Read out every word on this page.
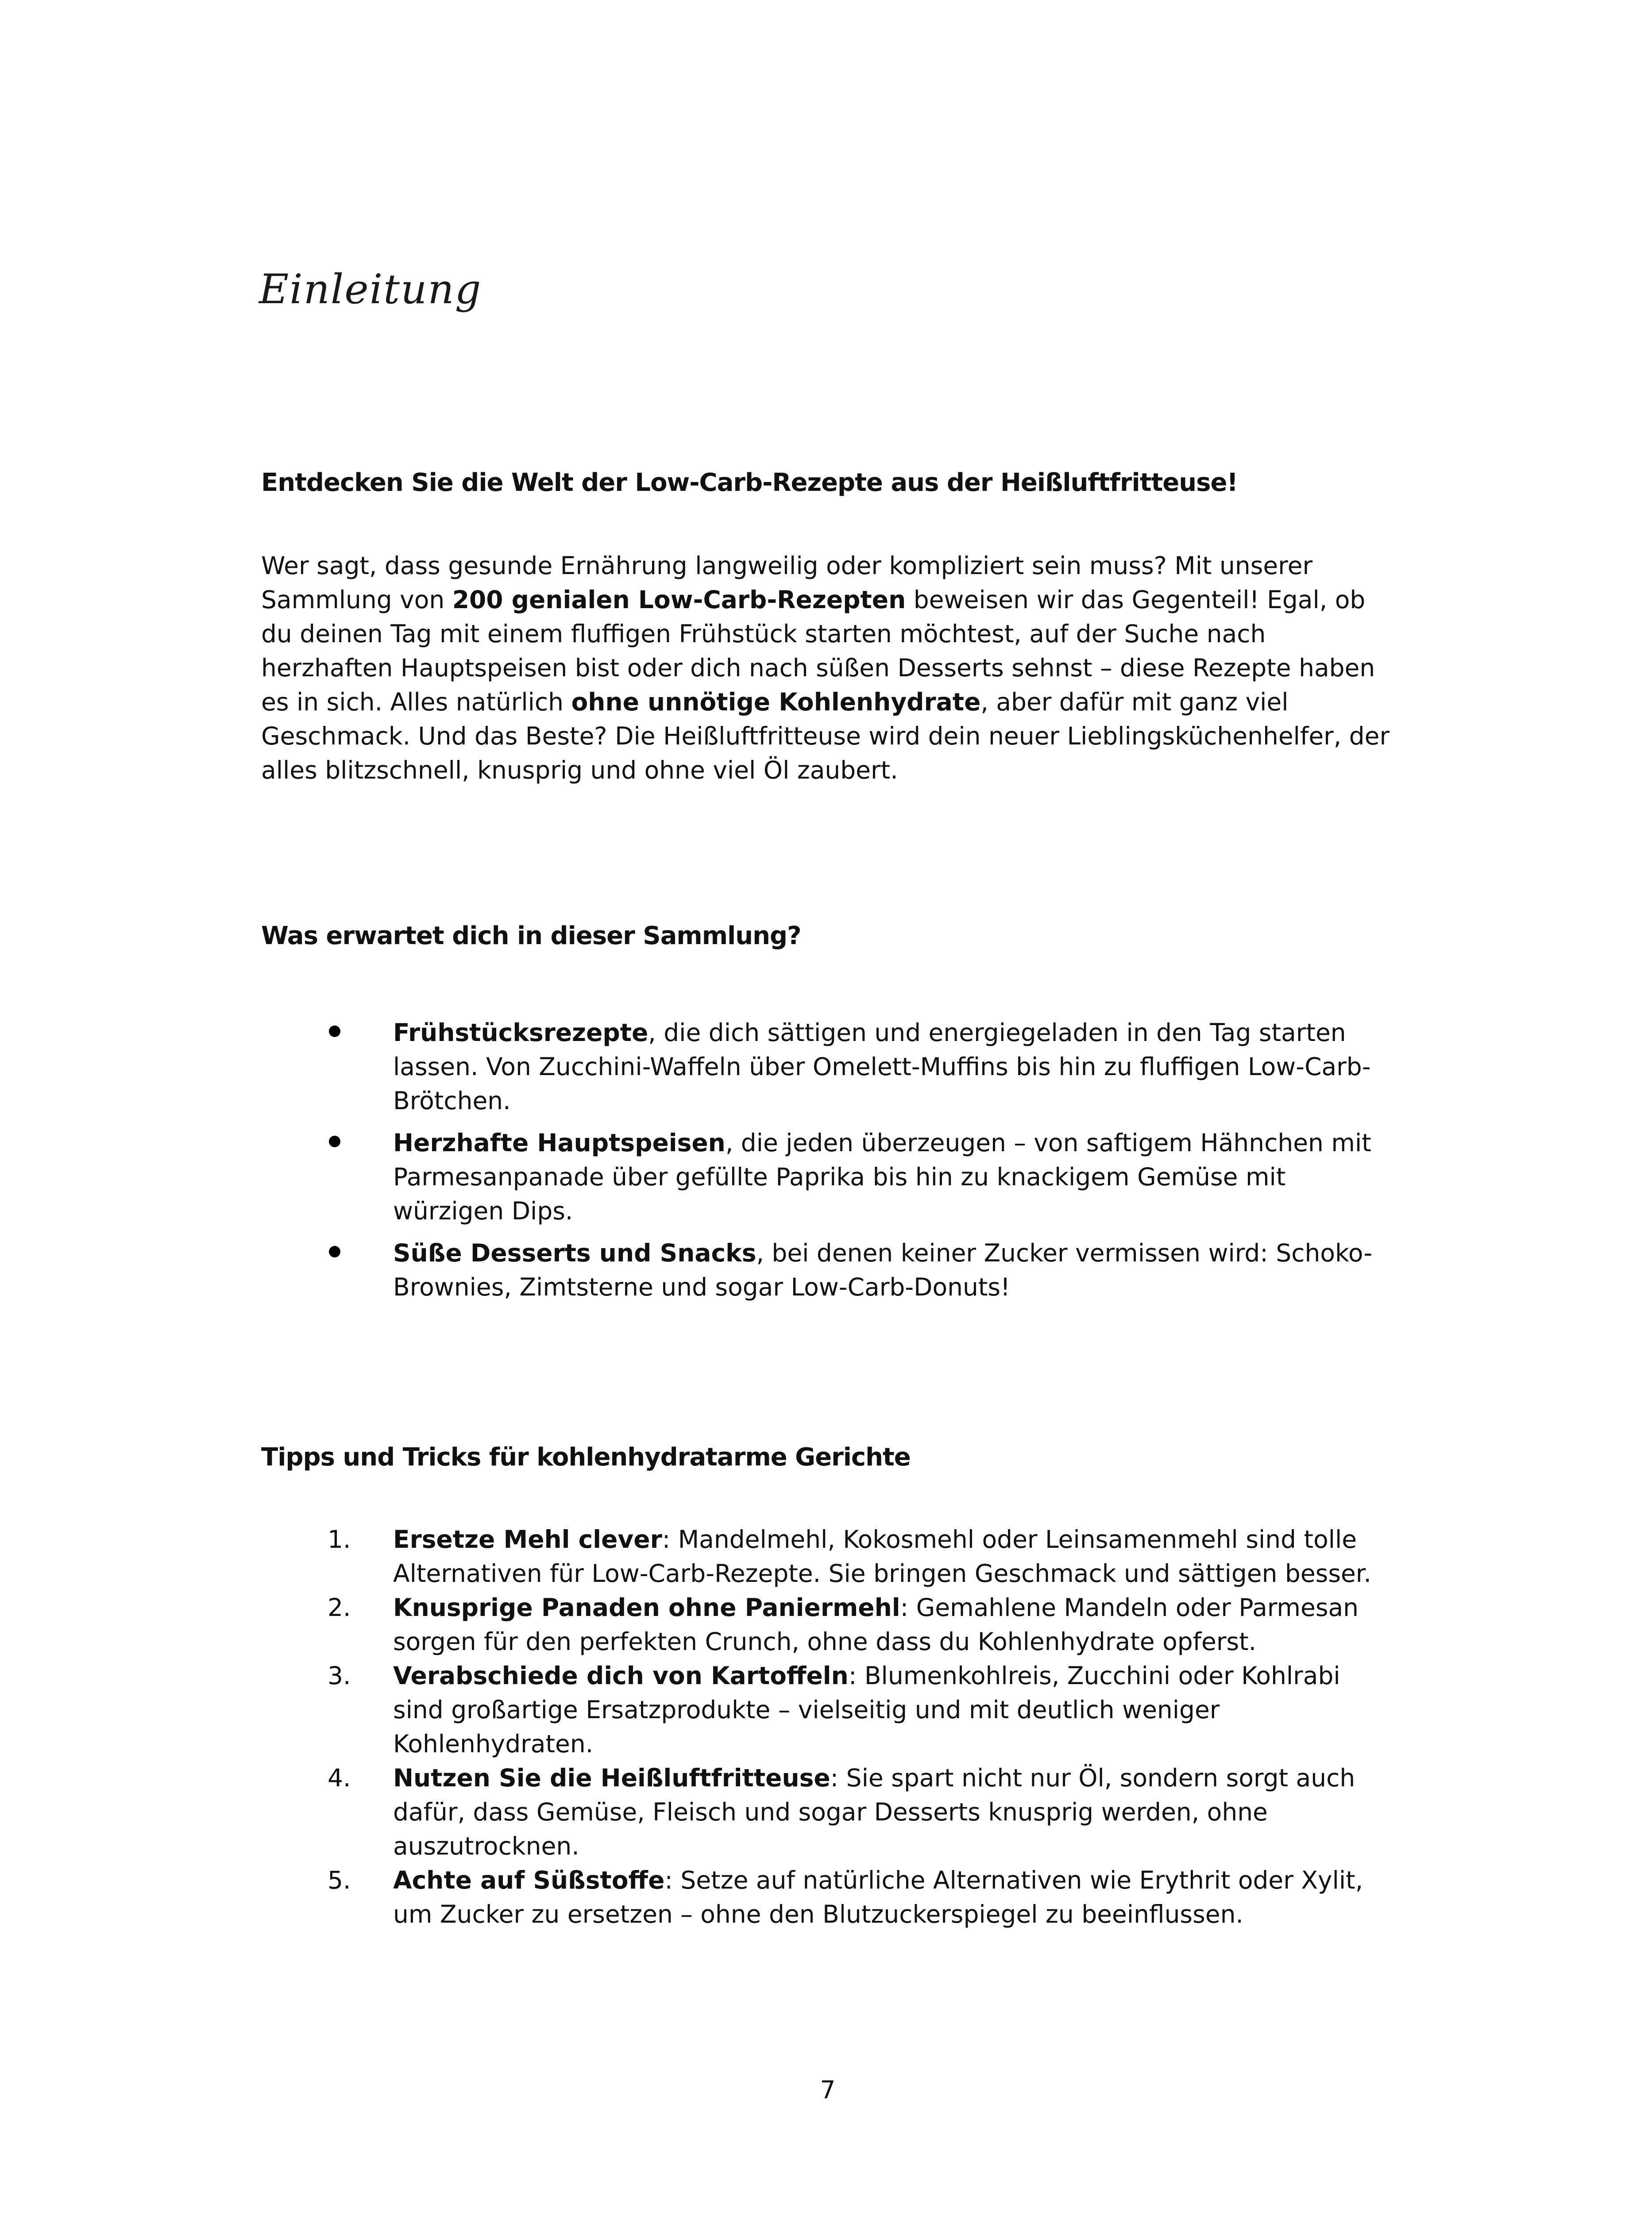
Einleitung
Entdecken Sie die Welt der Low-Carb-Rezepte aus der Heißluftfritteuse!

Wer sagt, dass gesunde Ernährung langweilig oder kompliziert sein muss? Mit unserer Sammlung von 200 genialen Low-Carb-Rezepten beweisen wir das Gegenteil! Egal, ob du deinen Tag mit einem fluffigen Frühstück starten möchtest, auf der Suche nach herzhaften Hauptspeisen bist oder dich nach süßen Desserts sehnst – diese Rezepte haben es in sich. Alles natürlich ohne unnötige Kohlenhydrate, aber dafür mit ganz viel Geschmack. Und das Beste? Die Heißluftfritteuse wird dein neuer Lieblingsküchenhelfer, der alles blitzschnell, knusprig und ohne viel Öl zaubert.

Was erwartet dich in dieser Sammlung?
Frühstücksrezepte, die dich sättigen und energiegeladen in den Tag starten lassen. Von Zucchini-Waffeln über Omelett-Muffins bis hin zu fluffigen Low-Carb-Brötchen.
Herzhafte Hauptspeisen, die jeden überzeugen – von saftigem Hähnchen mit Parmesanpanade über gefüllte Paprika bis hin zu knackigem Gemüse mit würzigen Dips.
Süße Desserts und Snacks, bei denen keiner Zucker vermissen wird: Schoko-Brownies, Zimtsterne und sogar Low-Carb-Donuts!
Tipps und Tricks für kohlenhydratarme Gerichte
1.	Ersetze Mehl clever: Mandelmehl, Kokosmehl oder Leinsamenmehl sind tolle Alternativen für Low-Carb-Rezepte. Sie bringen Geschmack und sättigen besser.
2.	Knusprige Panaden ohne Paniermehl: Gemahlene Mandeln oder Parmesan sorgen für den perfekten Crunch, ohne dass du Kohlenhydrate opferst.
3.	Verabschiede dich von Kartoffeln: Blumenkohlreis, Zucchini oder Kohlrabi sind großartige Ersatzprodukte – vielseitig und mit deutlich weniger Kohlenhydraten.
4.	Nutzen Sie die Heißluftfritteuse: Sie spart nicht nur Öl, sondern sorgt auch dafür, dass Gemüse, Fleisch und sogar Desserts knusprig werden, ohne auszutrocknen.
5.	Achte auf Süßstoffe: Setze auf natürliche Alternativen wie Erythrit oder Xylit, um Zucker zu ersetzen – ohne den Blutzuckerspiegel zu beeinflussen.
7
